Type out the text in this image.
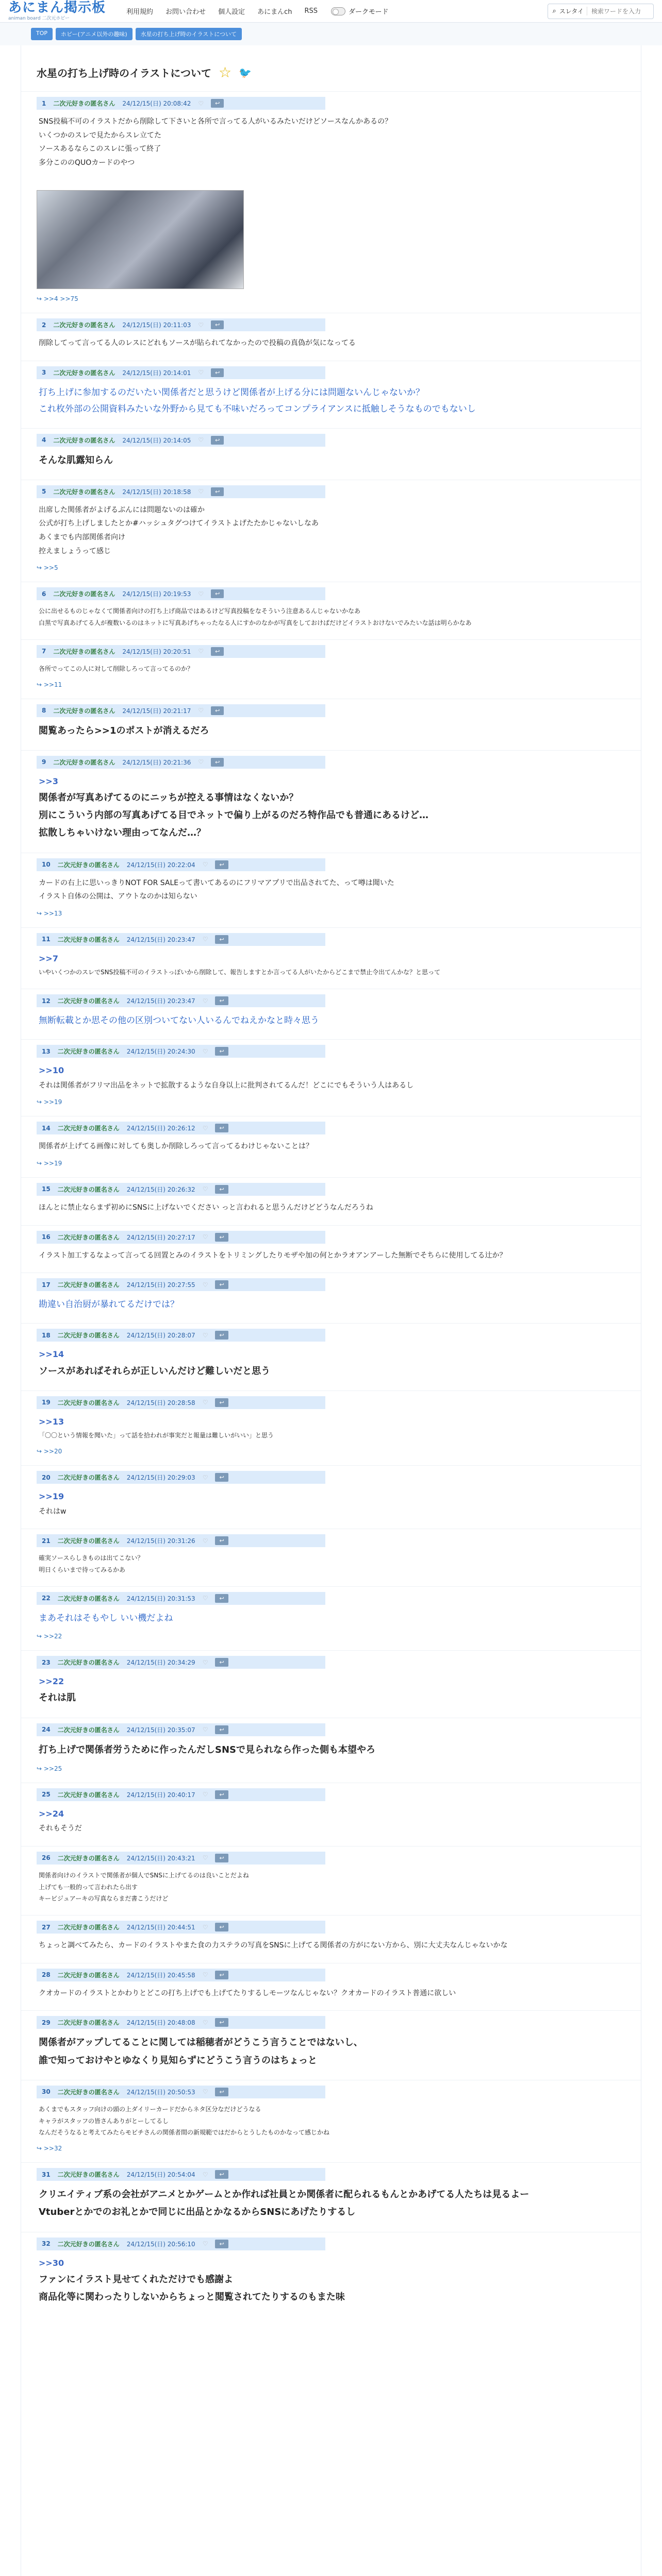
あにまん掲示板
animan board 二次元ホビー
利用規約 お問い合わせ 個人設定 あにまんch RSS	ダークモード	⌕ スレタイ
検索ワードを入力
TOP	ホビー(アニメ以外の趣味)	水星の打ち上げ時のイラストについて
水星の打ち上げ時のイラストについて ☆ 🐦
1 二次元好きの匿名さん 24/12/15(日) 20:08:42 ♡	↩
SNS投稿不可のイラストだから削除して下さいと各所で言ってる人がいるみたいだけどソースなんかあるの？
いくつかのスレで見たからスレ立てた
ソースあるならこのスレに張って終了
多分こののQUOカードのやつ
↪ >>4 >>75
2 二次元好きの匿名さん 24/12/15(日) 20:11:03 ♡	↩
削除してって言ってる人のレスにどれもソースが貼られてなかったので投稿の真偽が気になってる
3 二次元好きの匿名さん 24/12/15(日) 20:14:01 ♡	↩
打ち上げに参加するのだいたい関係者だと思うけど関係者が上げる分には問題ないんじゃないか？
これ枚外部の公開資料みたいな外野から見ても不味いだろってコンプライアンスに抵触しそうなものでもないし
4 二次元好きの匿名さん 24/12/15(日) 20:14:05 ♡	↩
そんな肌露知らん
5 二次元好きの匿名さん 24/12/15(日) 20:18:58 ♡	↩
出席した関係者がよげるぶんには問題ないのは確か
公式が打ち上げしましたとか#ハッシュタグつけてイラストよげたたかじゃないしなあ
あくまでも内部関係者向け
控えましょうって感じ
↪ >>5
6 二次元好きの匿名さん 24/12/15(日) 20:19:53 ♡	↩
公に出せるものじゃなくて関係者向けの打ち上げ商品ではあるけど写真投稿をなそういう注意あるんじゃないかなあ
白黒で写真あげてる人が複数いるのはネットに写真あげちゃったなる人にすかのなかが写真をしておけばだけどイラストおけないでみたいな話は明らかなあ
7 二次元好きの匿名さん 24/12/15(日) 20:20:51 ♡	↩
各所でってこの人に対して削除しろって言ってるのか？
↪ >>11
8 二次元好きの匿名さん 24/12/15(日) 20:21:17 ♡	↩
閲覧あったら>>1のポストが消えるだろ
9 二次元好きの匿名さん 24/12/15(日) 20:21:36 ♡	↩
>>3
関係者が写真あげてるのにニッちが控える事情はなくないか？
別にこういう内部の写真あげてる目でネットで偏り上がるのだろ特作品でも普通にあるけど…
拡散しちゃいけない理由ってなんだ…？
10 二次元好きの匿名さん 24/12/15(日) 20:22:04 ♡	↩
カードの右上に思いっきりNOT FOR SALEって書いてあるのにフリマアプリで出品されてた、って噂は聞いた
イラスト自体の公開は、アウトなのかは知らない
↪ >>13
11 二次元好きの匿名さん 24/12/15(日) 20:23:47 ♡	↩
>>7
いやいくつかのスレでSNS投稿不可のイラストっぽいから削除して、報告しますとか言ってる人がいたからどこまで禁止令出てんかな？と思って
12 二次元好きの匿名さん 24/12/15(日) 20:23:47 ♡	↩
無断転載とか思その他の区別ついてない人いるんでねえかなと時々思う
13 二次元好きの匿名さん 24/12/15(日) 20:24:30 ♡	↩
>>10
それは関係者がフリマ出品をネットで拡散するような自身以上に批判されてるんだ！どこにでもそういう人はあるし
↪ >>19
14 二次元好きの匿名さん 24/12/15(日) 20:26:12 ♡	↩
関係者が上げてる画像に対しても奥しか削除しろって言ってるわけじゃないことは？
↪ >>19
15 二次元好きの匿名さん 24/12/15(日) 20:26:32 ♡	↩
ほんとに禁止ならまず初めにSNSに上げないでください っと言われると思うんだけどどうなんだろうね
16 二次元好きの匿名さん 24/12/15(日) 20:27:17 ♡	↩
イラスト加工するなよって言ってる回置とみのイラストをトリミングしたりモザや加の何とかラオアンアーした無断でそちらに使用してる辻か？
17 二次元好きの匿名さん 24/12/15(日) 20:27:55 ♡	↩
勘違い自治厨が暴れてるだけでは？
18 二次元好きの匿名さん 24/12/15(日) 20:28:07 ♡	↩
>>14
ソースがあればそれらが正しいんだけど難しいだと思う
19 二次元好きの匿名さん 24/12/15(日) 20:28:58 ♡	↩
>>13
「〇〇という情報を聞いた」って話を拾われが事実だと報量は難しいがいい」と思う
↪ >>20
20 二次元好きの匿名さん 24/12/15(日) 20:29:03 ♡	↩
>>19
それはw
21 二次元好きの匿名さん 24/12/15(日) 20:31:26 ♡	↩
確実ソースらしきものは出てこない？
明日くらいまで待ってみるかあ
22 二次元好きの匿名さん 24/12/15(日) 20:31:53 ♡	↩
まあそれはそもやし いい機だよね
↪ >>22
23 二次元好きの匿名さん 24/12/15(日) 20:34:29 ♡	↩
>>22
それは肌
24 二次元好きの匿名さん 24/12/15(日) 20:35:07 ♡	↩
打ち上げで関係者労うために作ったんだしSNSで見られなら作った側も本望やろ
↪ >>25
25 二次元好きの匿名さん 24/12/15(日) 20:40:17 ♡	↩
>>24
それもそうだ
26 二次元好きの匿名さん 24/12/15(日) 20:43:21 ♡	↩
関係者向けのイラストで関係者が個人でSNSに上げてるのは良いことだよね
上げても一般的って言われたら出す
キービジュアーキの写真ならまだ書こうだけど
27 二次元好きの匿名さん 24/12/15(日) 20:44:51 ♡	↩
ちょっと調べてみたら、カードのイラストやまた食の力ステラの写真をSNSに上げてる関係者の方がにない方から、別に大丈夫なんじゃないかな
28 二次元好きの匿名さん 24/12/15(日) 20:45:58 ♡	↩
クオカードのイラストとかわりとどこの打ち上げでも上げてたりするしモーツなんじゃない？クオカードのイラスト普通に欲しい
29 二次元好きの匿名さん 24/12/15(日) 20:48:08 ♡	↩
関係者がアップしてることに関しては稲穂者がどうこう言うことではないし、
誰で知っておけやとゆなくり見知らずにどうこう言うのはちょっと
30 二次元好きの匿名さん 24/12/15(日) 20:50:53 ♡	↩
あくまでもスタッフ向けの頭の上ダイリーカードだからネタ区分なだけどうなる
キャラがスタッフの皆さんありがとーしてるし
なんだそうなると考えてみたらモビチさんの関係者間の新規範ではだからとうしたものかなって感じかね
↪ >>32
31 二次元好きの匿名さん 24/12/15(日) 20:54:04 ♡	↩
クリエイティブ系の会社がアニメとかゲームとか作れば社員とか関係者に配られるもんとかあげてる人たちは見るよー
Vtuberとかでのお礼とかで同じに出品とかなるからSNSにあげたりするし
32 二次元好きの匿名さん 24/12/15(日) 20:56:10 ♡	↩
>>30
ファンにイラスト見せてくれただけでも感謝よ
商品化等に関わったりしないからちょっと閲覧されてたりするのもまた味
